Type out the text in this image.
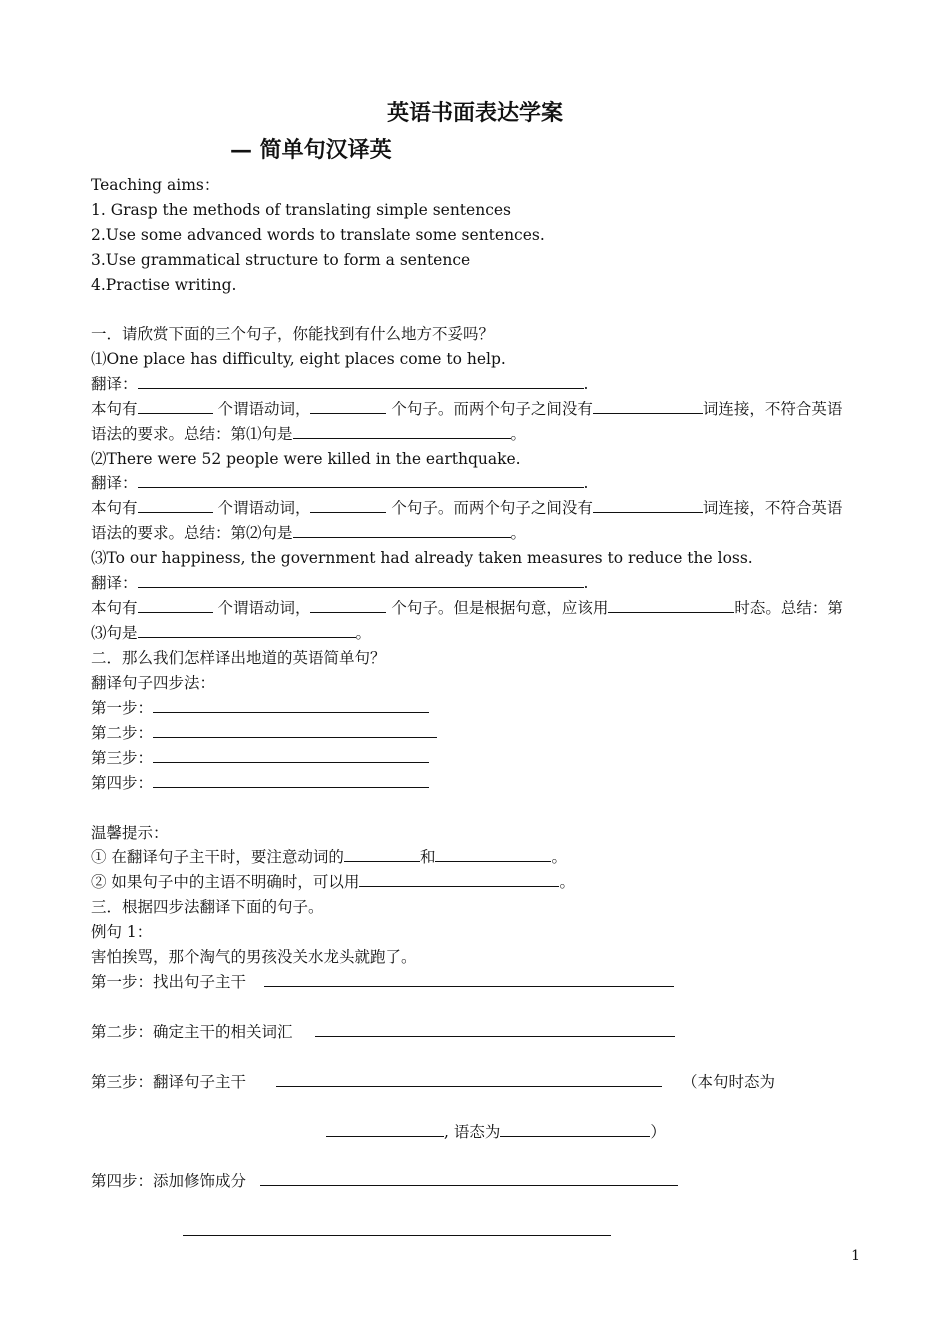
英语书面表达学案
— 简单句汉译英
Teaching aims：
1. Grasp the methods of translating simple sentences
2.Use some advanced words to translate some sentences.
3.Use grammatical structure to form a sentence
4.Practise writing.
一．请欣赏下面的三个句子，你能找到有什么地方不妥吗？
⑴One place has difficulty, eight places come to help.
翻译：	.
本句有	个谓语动词，	个句子。而两个句子之间没有	词连接，不符合英语
语法的要求。总结：第⑴句是	。
⑵There were 52 people were killed in the earthquake.
翻译：	.
本句有	个谓语动词，	个句子。而两个句子之间没有	词连接，不符合英语
语法的要求。总结：第⑵句是	。
⑶To our happiness, the government had already taken measures to reduce the loss.
翻译：	.
本句有	个谓语动词，	个句子。但是根据句意，应该用	时态。总结：第
⑶句是	。
二．那么我们怎样译出地道的英语简单句？
翻译句子四步法：
第一步：
第二步：
第三步：
第四步：
温馨提示：
① 在翻译句子主干时，要注意动词的	和	。
② 如果句子中的主语不明确时，可以用	。
三．根据四步法翻译下面的句子。
例句 1：
害怕挨骂，那个淘气的男孩没关水龙头就跑了。
第一步：找出句子主干
第二步：确定主干的相关词汇
第三步：翻译句子主干	（本句时态为
, 语态为	）
第四步：添加修饰成分
1
